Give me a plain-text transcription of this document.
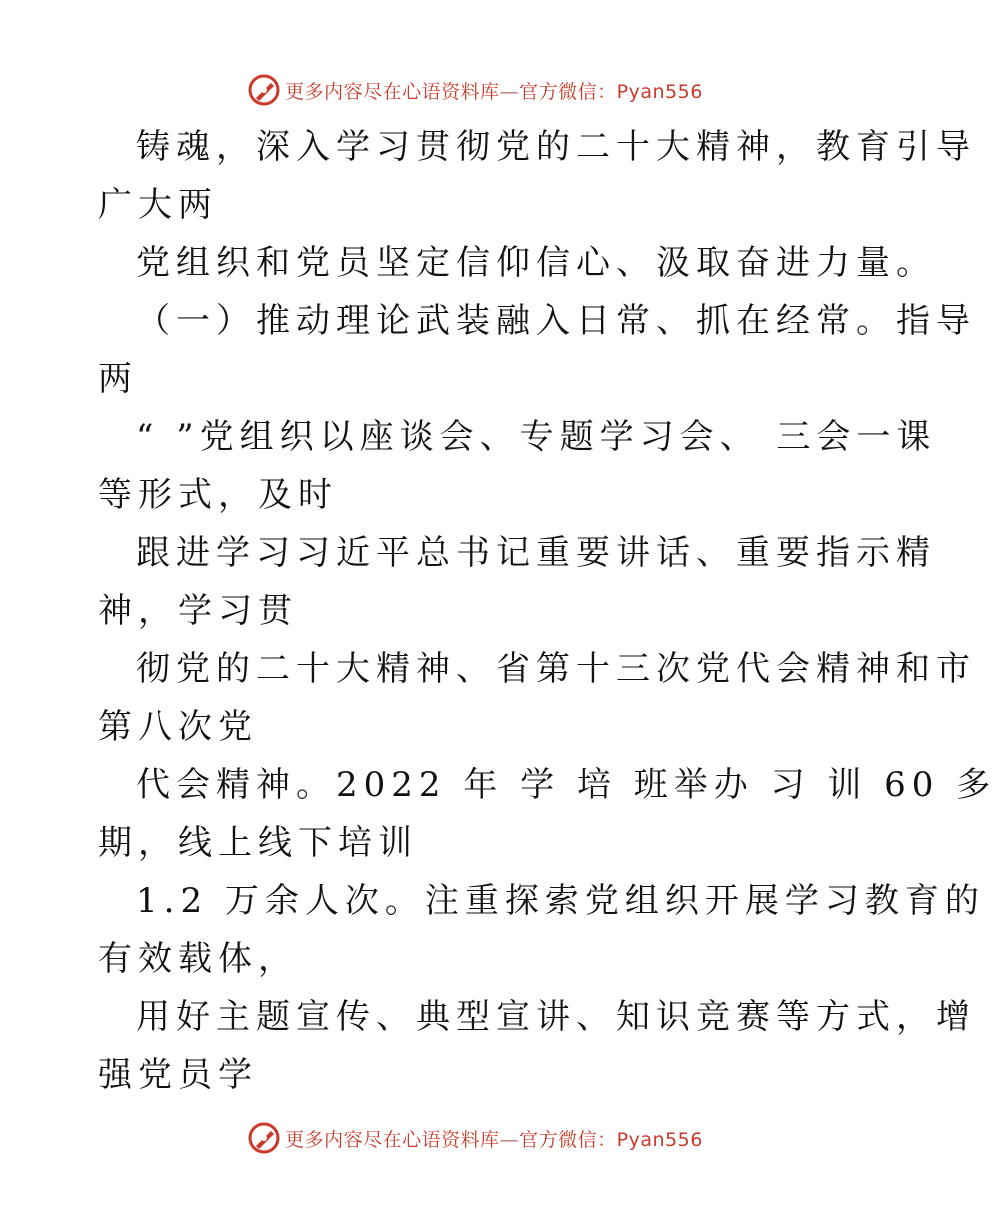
更多内容尽在心语资料库—官方微信：Pyan556
铸魂，深入学习贯彻党的二十大精神，教育引导
广大两
党组织和党员坚定信仰信心、汲取奋进力量。
（一）推动理论武装融入日常、抓在经常。指导
两
“ ”党组织以座谈会、专题学习会、 三会一课
等形式，及时
跟进学习习近平总书记重要讲话、重要指示精
神，学习贯
彻党的二十大精神、省第十三次党代会精神和市
第八次党
代会精神。2022 年 学 培 班举办 习 训 60 多
期，线上线下培训
1.2 万余人次。注重探索党组织开展学习教育的
有效载体，
用好主题宣传、典型宣讲、知识竞赛等方式，增
强党员学
更多内容尽在心语资料库—官方微信：Pyan556
